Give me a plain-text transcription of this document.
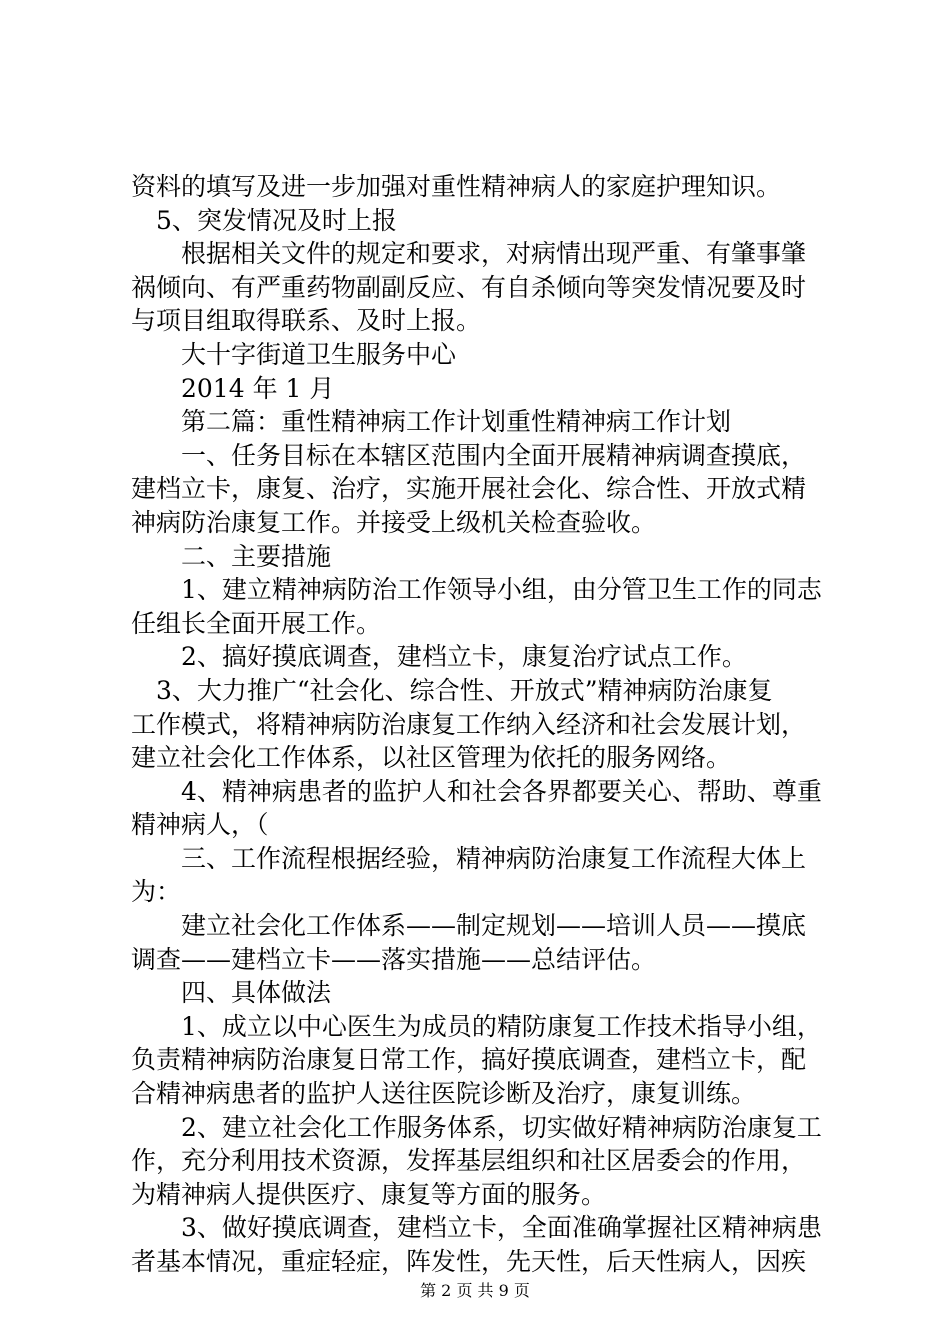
资料的填写及进一步加强对重性精神病人的家庭护理知识。
5、突发情况及时上报
根据相关文件的规定和要求，对病情出现严重、有肇事肇
祸倾向、有严重药物副副反应、有自杀倾向等突发情况要及时
与项目组取得联系、及时上报。
大十字街道卫生服务中心
2014 年 1 月
第二篇：重性精神病工作计划重性精神病工作计划
一、任务目标在本辖区范围内全面开展精神病调查摸底，
建档立卡，康复、治疗，实施开展社会化、综合性、开放式精
神病防治康复工作。并接受上级机关检查验收。
二、主要措施
1、建立精神病防治工作领导小组，由分管卫生工作的同志
任组长全面开展工作。
2、搞好摸底调查，建档立卡，康复治疗试点工作。
3、大力推广“社会化、综合性、开放式”精神病防治康复
工作模式，将精神病防治康复工作纳入经济和社会发展计划，
建立社会化工作体系，以社区管理为依托的服务网络。
4、精神病患者的监护人和社会各界都要关心、帮助、尊重
精神病人，（
三、工作流程根据经验，精神病防治康复工作流程大体上
为：
建立社会化工作体系——制定规划——培训人员——摸底
调查——建档立卡——落实措施——总结评估。
四、具体做法
1、成立以中心医生为成员的精防康复工作技术指导小组，
负责精神病防治康复日常工作，搞好摸底调查，建档立卡，配
合精神病患者的监护人送往医院诊断及治疗，康复训练。
2、建立社会化工作服务体系，切实做好精神病防治康复工
作，充分利用技术资源，发挥基层组织和社区居委会的作用，
为精神病人提供医疗、康复等方面的服务。
3、做好摸底调查，建档立卡，全面准确掌握社区精神病患
者基本情况，重症轻症，阵发性，先天性，后天性病人，因疾
第 2 页 共 9 页
